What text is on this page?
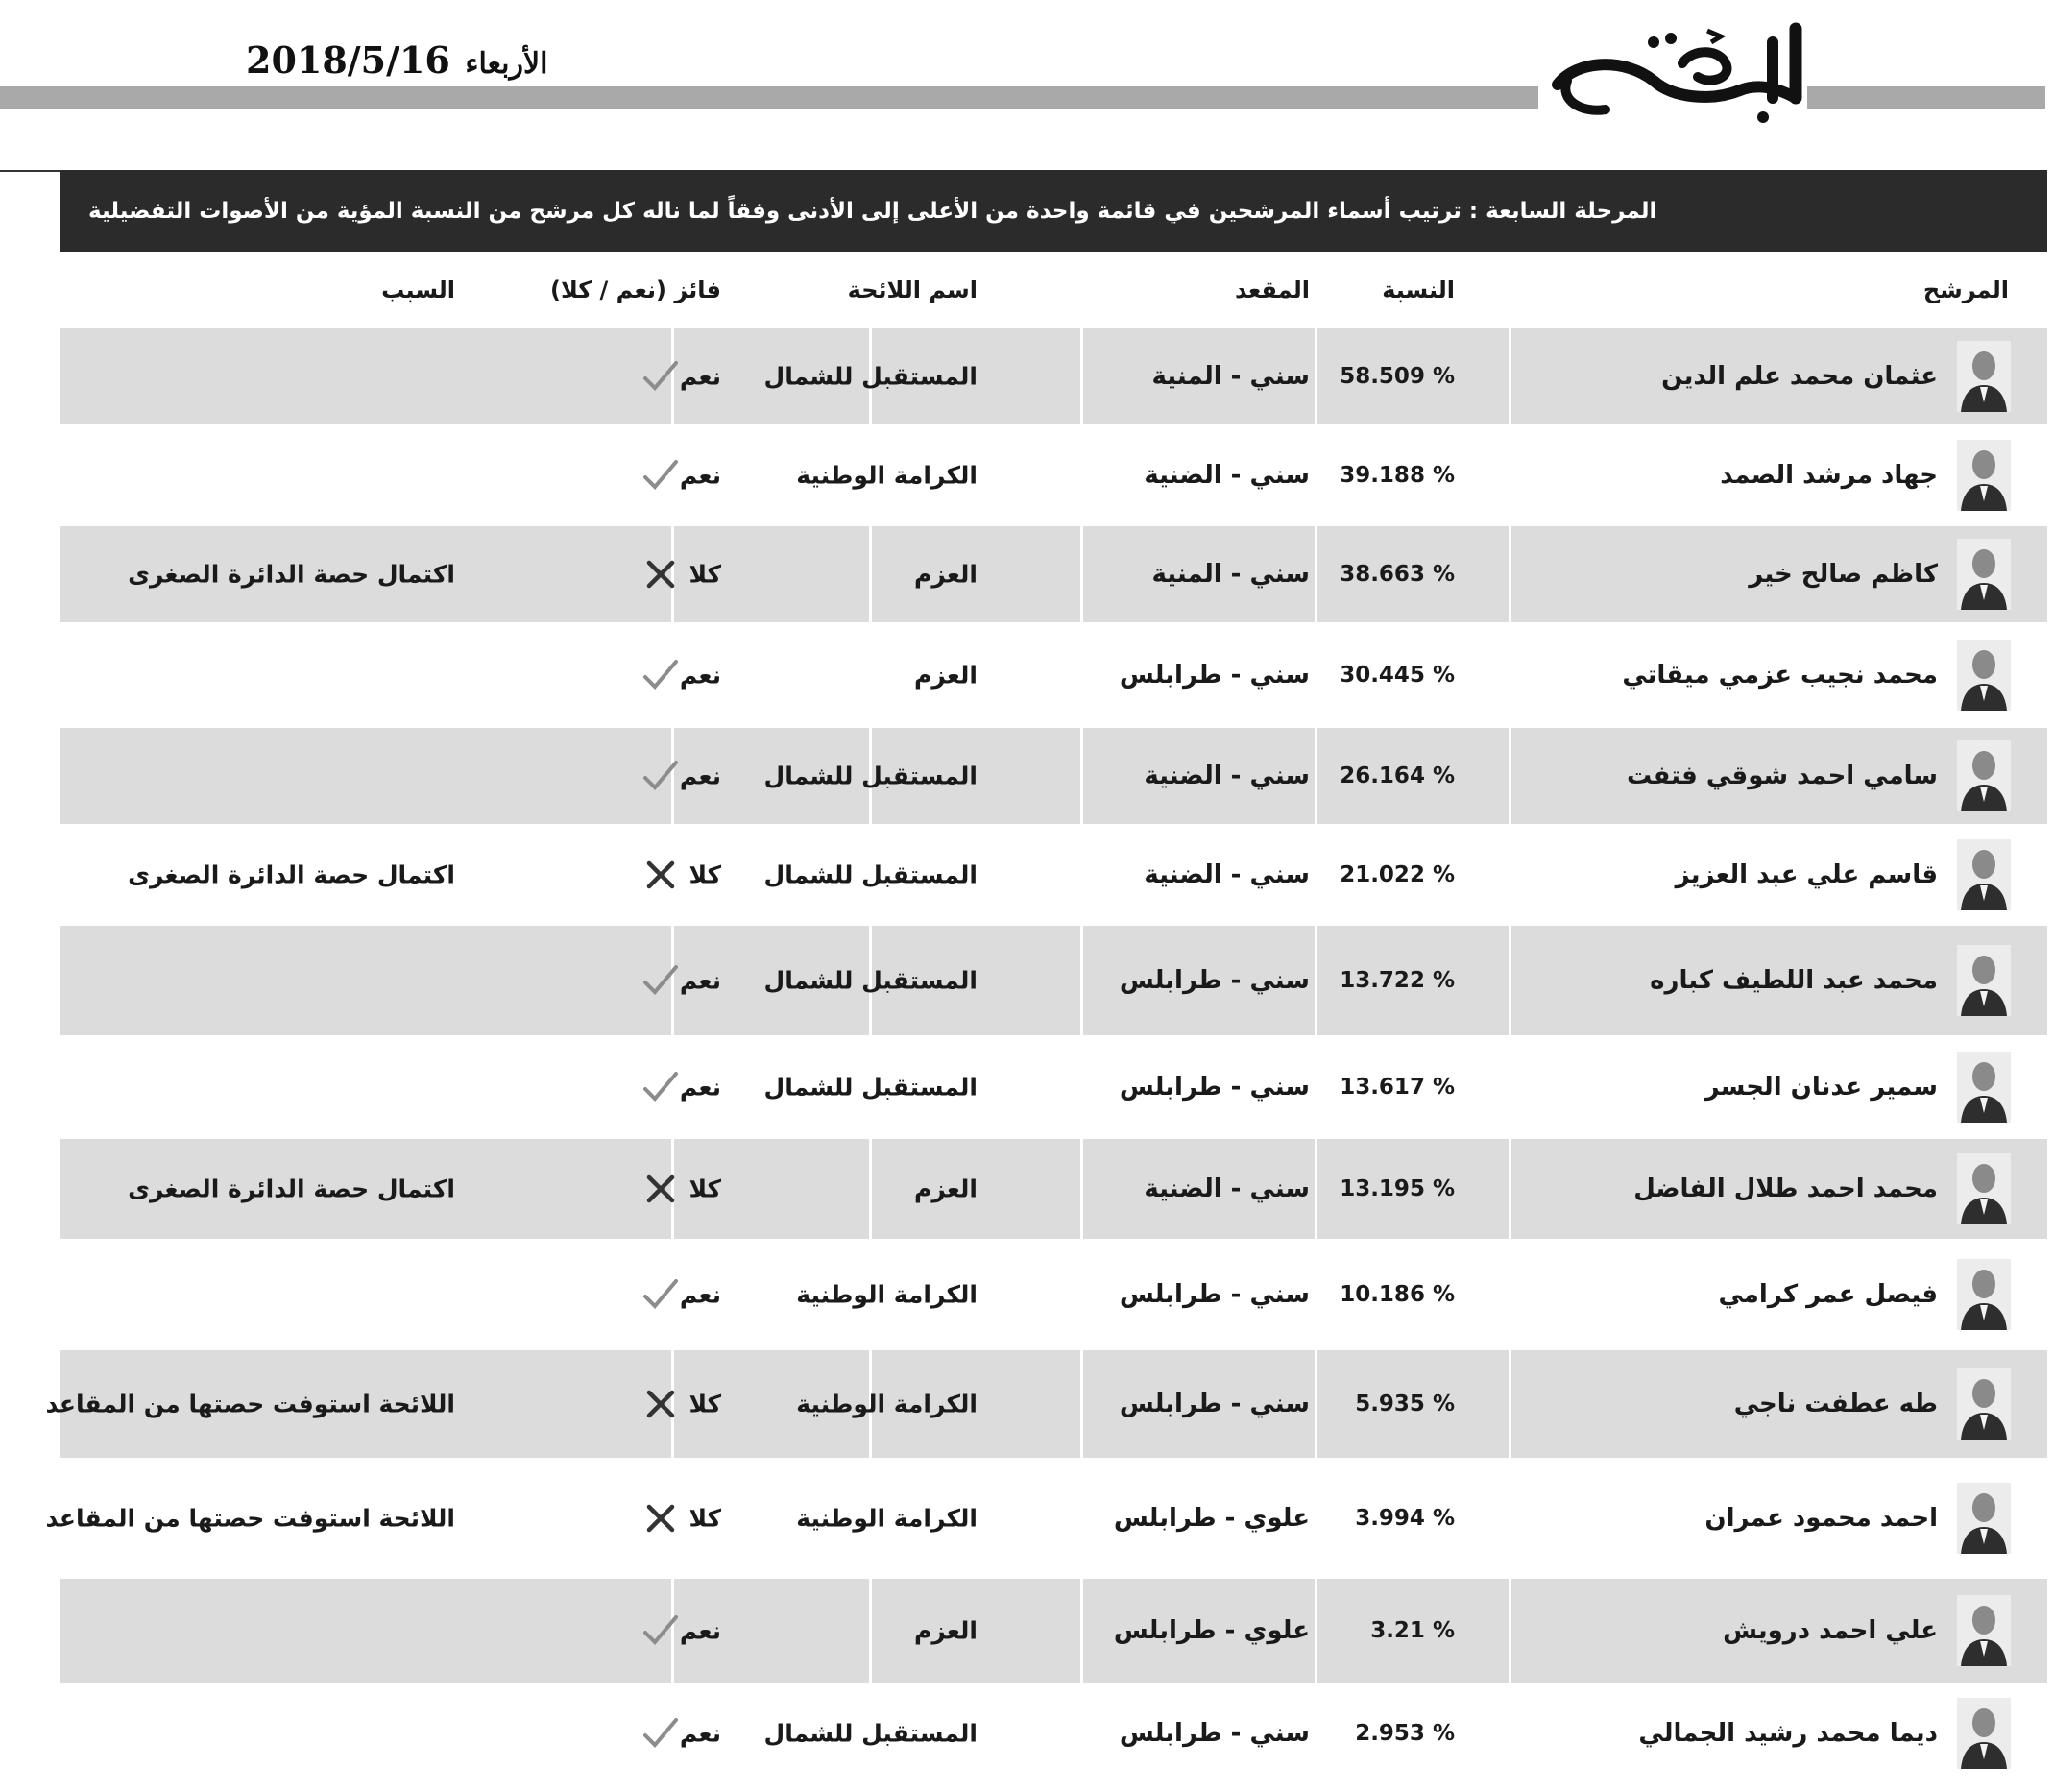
الأربعاء 2018/5/16
المرحلة السابعة : ترتيب أسماء المرشحين في قائمة واحدة من الأعلى إلى الأدنى وفقاً لما ناله كل مرشح من النسبة المؤية من الأصوات التفضيلية
المرشح
النسبة
المقعد
اسم اللائحة
فائز (نعم / كلا)
السبب
عثمان محمد علم الدين
58.509 %
سني - المنية
المستقبل للشمال
نعم
جهاد مرشد الصمد
39.188 %
سني - الضنية
الكرامة الوطنية
نعم
كاظم صالح خير
38.663 %
سني - المنية
العزم
كلا
اكتمال حصة الدائرة الصغرى
محمد نجيب عزمي ميقاتي
30.445 %
سني - طرابلس
العزم
نعم
سامي احمد شوقي فتفت
26.164 %
سني - الضنية
المستقبل للشمال
نعم
قاسم علي عبد العزيز
21.022 %
سني - الضنية
المستقبل للشمال
كلا
اكتمال حصة الدائرة الصغرى
محمد عبد اللطيف كباره
13.722 %
سني - طرابلس
المستقبل للشمال
نعم
سمير عدنان الجسر
13.617 %
سني - طرابلس
المستقبل للشمال
نعم
محمد احمد طلال الفاضل
13.195 %
سني - الضنية
العزم
كلا
اكتمال حصة الدائرة الصغرى
فيصل عمر كرامي
10.186 %
سني - طرابلس
الكرامة الوطنية
نعم
طه عطفت ناجي
5.935 %
سني - طرابلس
الكرامة الوطنية
كلا
اللائحة استوفت حصتها من المقاعد
احمد محمود عمران
3.994 %
علوي - طرابلس
الكرامة الوطنية
كلا
اللائحة استوفت حصتها من المقاعد
علي احمد درويش
3.21 %
علوي - طرابلس
العزم
نعم
ديما محمد رشيد الجمالي
2.953 %
سني - طرابلس
المستقبل للشمال
نعم
